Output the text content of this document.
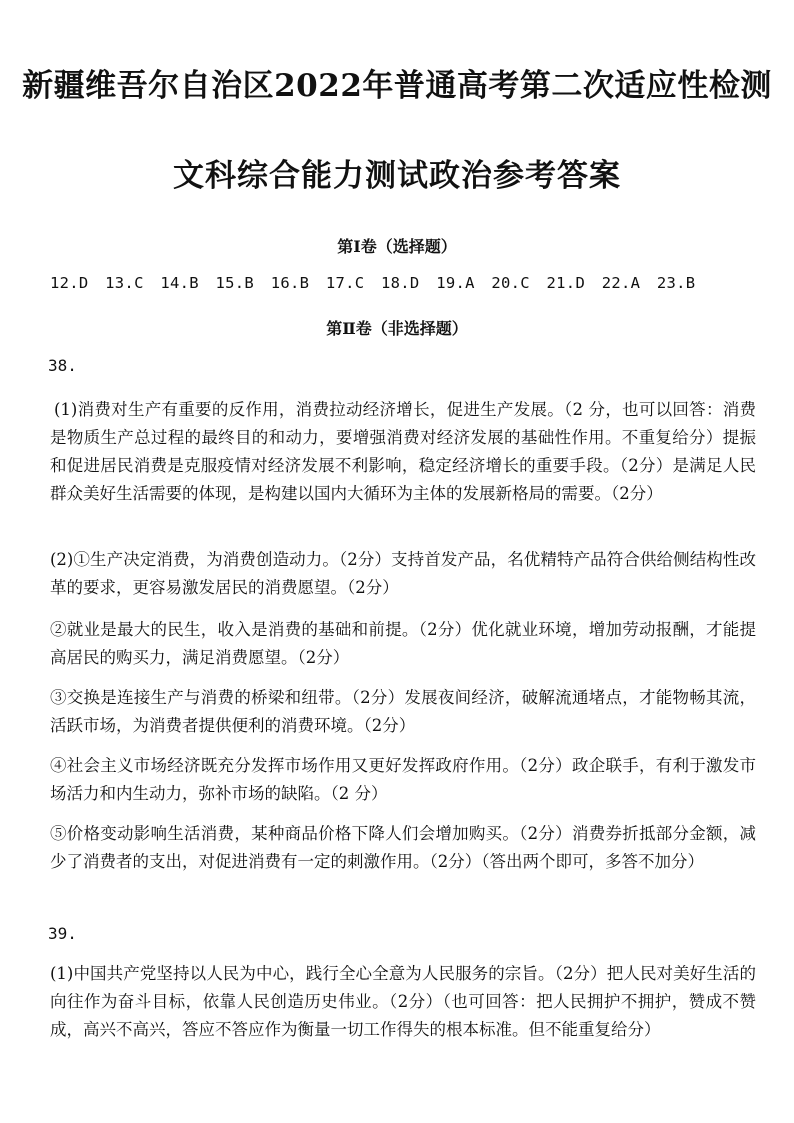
新疆维吾尔自治区2022年普通高考第二次适应性检测
文科综合能力测试政治参考答案
第Ⅰ卷（选择题）
12.D 13.C 14.B 15.B 16.B 17.C 18.D 19.A 20.C 21.D 22.A 23.B
第Ⅱ卷（非选择题）
38.
(1)消费对生产有重要的反作用，消费拉动经济增长，促进生产发展。（2 分，也可以回答：消费是物质生产总过程的最终目的和动力，要增强消费对经济发展的基础性作用。不重复给分）提振和促进居民消费是克服疫情对经济发展不利影响，稳定经济增长的重要手段。（2分）是满足人民群众美好生活需要的体现，是构建以国内大循环为主体的发展新格局的需要。（2分）
(2)①生产决定消费，为消费创造动力。（2分）支持首发产品，名优精特产品符合供给侧结构性改革的要求，更容易激发居民的消费愿望。（2分）
②就业是最大的民生，收入是消费的基础和前提。（2分）优化就业环境，增加劳动报酬，才能提高居民的购买力，满足消费愿望。（2分）
③交换是连接生产与消费的桥梁和纽带。（2分）发展夜间经济，破解流通堵点，才能物畅其流，活跃市场，为消费者提供便利的消费环境。（2分）
④社会主义市场经济既充分发挥市场作用又更好发挥政府作用。（2分）政企联手，有利于激发市场活力和内生动力，弥补市场的缺陷。（2 分）
⑤价格变动影响生活消费，某种商品价格下降人们会增加购买。（2分）消费券折抵部分金额，减少了消费者的支出，对促进消费有一定的刺激作用。（2分）（答出两个即可，多答不加分）
39.
(1)中国共产党坚持以人民为中心，践行全心全意为人民服务的宗旨。（2分）把人民对美好生活的向往作为奋斗目标，依靠人民创造历史伟业。（2分）（也可回答：把人民拥护不拥护，赞成不赞成，高兴不高兴，答应不答应作为衡量一切工作得失的根本标准。但不能重复给分）
